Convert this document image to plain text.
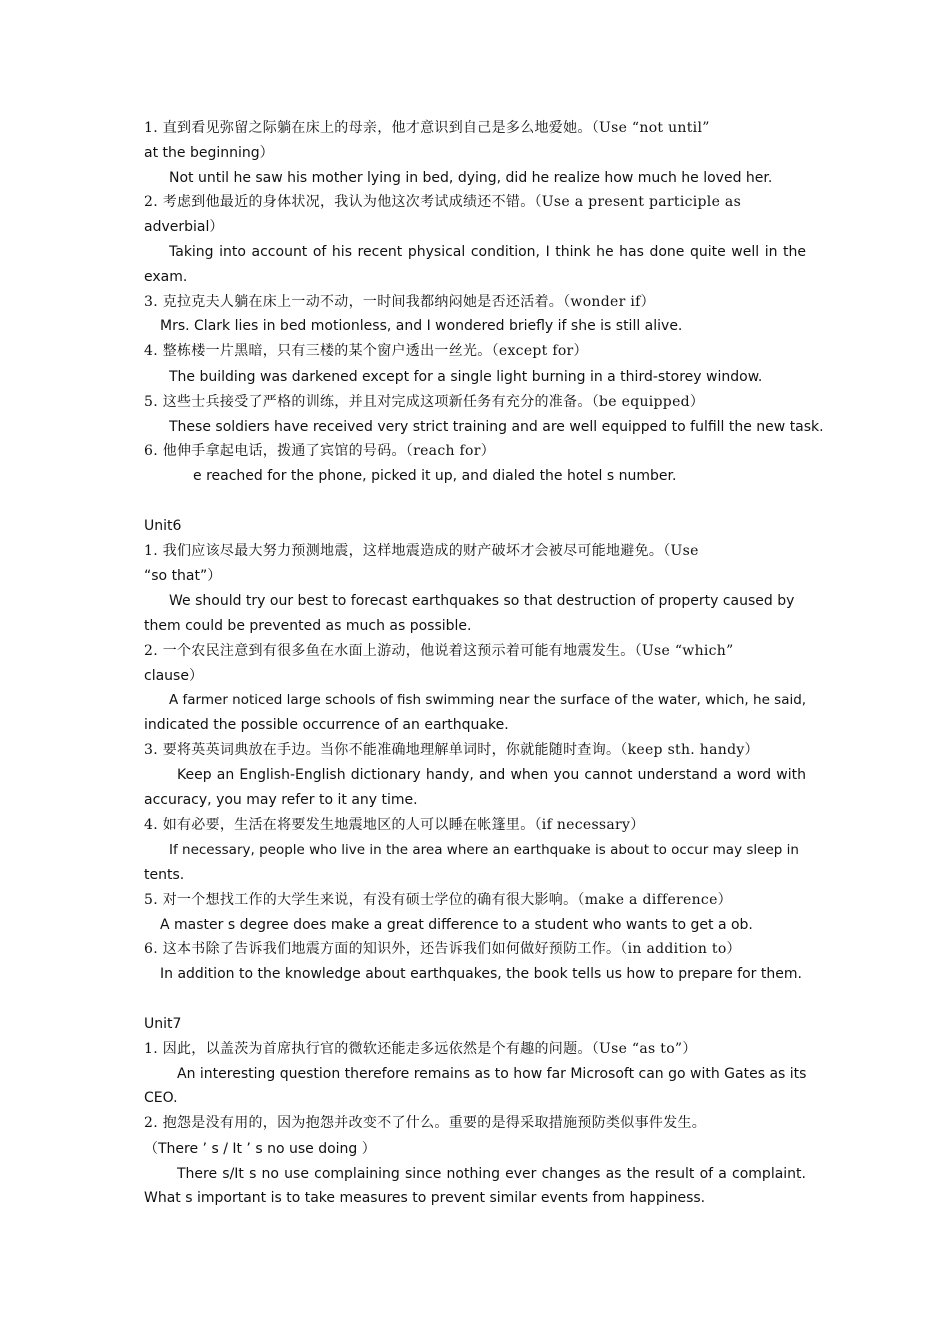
1. 直到看见弥留之际躺在床上的母亲，他才意识到自己是多么地爱她。（Use “not until”
at the beginning）
Not until he saw his mother lying in bed, dying, did he realize how much he loved her.
2. 考虑到他最近的身体状况，我认为他这次考试成绩还不错。（Use a present participle as
adverbial）
Taking into account of his recent physical condition, I think he has done quite well in the
exam.
3. 克拉克夫人躺在床上一动不动，一时间我都纳闷她是否还活着。（wonder if）
Mrs. Clark lies in bed motionless, and I wondered briefly if she is still alive.
4. 整栋楼一片黑暗，只有三楼的某个窗户透出一丝光。（except for）
The building was darkened except for a single light burning in a third-storey window.
5. 这些士兵接受了严格的训练，并且对完成这项新任务有充分的准备。（be equipped）
These soldiers have received very strict training and are well equipped to fulfill the new task.
6. 他伸手拿起电话，拨通了宾馆的号码。（reach for）
e reached for the phone, picked it up, and dialed the hotel s number.
Unit6
1. 我们应该尽最大努力预测地震，这样地震造成的财产破坏才会被尽可能地避免。（Use
“so that”）
We should try our best to forecast earthquakes so that destruction of property caused by
them could be prevented as much as possible.
2. 一个农民注意到有很多鱼在水面上游动，他说着这预示着可能有地震发生。（Use “which”
clause）
A farmer noticed large schools of fish swimming near the surface of the water, which, he said,
indicated the possible occurrence of an earthquake.
3. 要将英英词典放在手边。当你不能准确地理解单词时，你就能随时查询。（keep sth. handy）
Keep an English-English dictionary handy, and when you cannot understand a word with
accuracy, you may refer to it any time.
4. 如有必要，生活在将要发生地震地区的人可以睡在帐篷里。（if necessary）
If necessary, people who live in the area where an earthquake is about to occur may sleep in
tents.
5. 对一个想找工作的大学生来说，有没有硕士学位的确有很大影响。（make a difference）
A master s degree does make a great difference to a student who wants to get a ob.
6. 这本书除了告诉我们地震方面的知识外，还告诉我们如何做好预防工作。（in addition to）
In addition to the knowledge about earthquakes, the book tells us how to prepare for them.
Unit7
1. 因此，以盖茨为首席执行官的微软还能走多远依然是个有趣的问题。（Use “as to”）
An interesting question therefore remains as to how far Microsoft can go with Gates as its
CEO.
2. 抱怨是没有用的，因为抱怨并改变不了什么。重要的是得采取措施预防类似事件发生。
（There ’ s / It ’ s no use doing ）
There s/It s no use complaining since nothing ever changes as the result of a complaint.
What s important is to take measures to prevent similar events from happiness.
